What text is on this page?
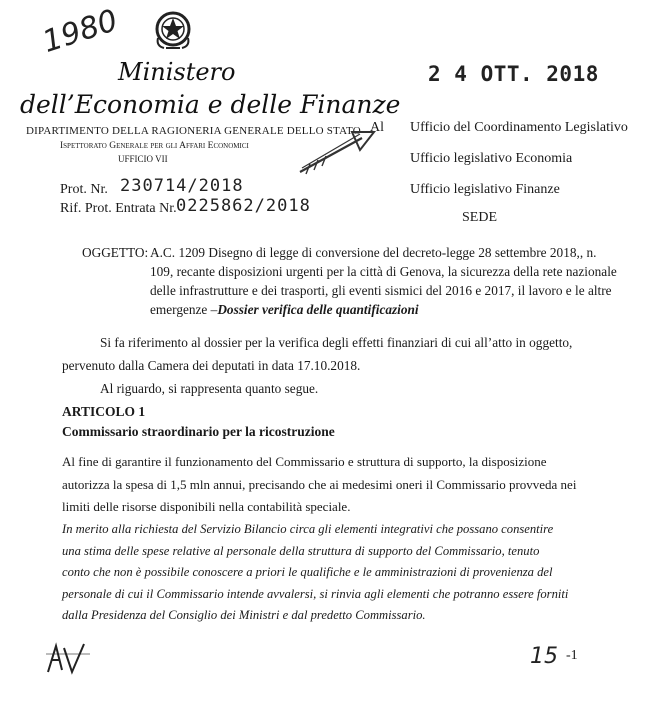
1980
Ministero
dell’Economia e delle Finanze
DIPARTIMENTO DELLA RAGIONERIA GENERALE DELLO STATO
Ispettorato Generale per gli Affari Economici
UFFICIO VII
2 4 OTT. 2018
Al Ufficio del Coordinamento Legislativo
Ufficio legislativo Economia
Ufficio legislativo Finanze
SEDE
Prot. Nr. 230714/2018
Rif. Prot. Entrata Nr. 0225862/2018
OGGETTO: A.C. 1209 Disegno di legge di conversione del decreto-legge 28 settembre 2018,, n.
109, recante disposizioni urgenti per la città di Genova, la sicurezza della rete nazionale
delle infrastrutture e dei trasporti, gli eventi sismici del 2016 e 2017, il lavoro e le altre
emergenze –Dossier verifica delle quantificazioni
Si fa riferimento al dossier per la verifica degli effetti finanziari di cui all’atto in oggetto,
pervenuto dalla Camera dei deputati in data 17.10.2018.
Al riguardo, si rappresenta quanto segue.
ARTICOLO 1
Commissario straordinario per la ricostruzione
Al fine di garantire il funzionamento del Commissario e struttura di supporto, la disposizione
autorizza la spesa di 1,5 mln annui, precisando che ai medesimi oneri il Commissario provveda nei
limiti delle risorse disponibili nella contabilità speciale.
In merito alla richiesta del Servizio Bilancio circa gli elementi integrativi che possano consentire
una stima delle spese relative al personale della struttura di supporto del Commissario, tenuto
conto che non è possibile conoscere a priori le qualifiche e le amministrazioni di provenienza del
personale di cui il Commissario intende avvalersi, si rinvia agli elementi che potranno essere forniti
dalla Presidenza del Consiglio dei Ministri e dal predetto Commissario.
15 -1
